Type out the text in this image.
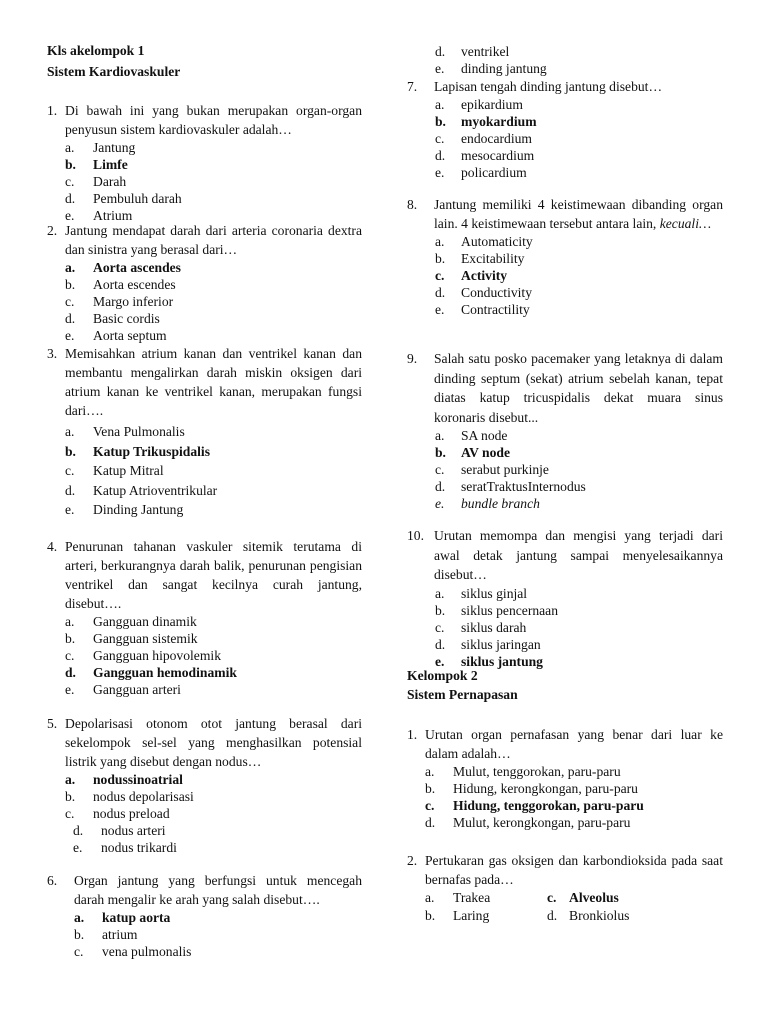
Kls akelompok 1
Sistem Kardiovaskuler
1. Di bawah ini yang bukan merupakan organ-organ penyusun sistem kardiovaskuler adalah…
a. Jantung
b. Limfe
c. Darah
d. Pembuluh darah
e. Atrium
2. Jantung mendapat darah dari arteria coronaria dextra dan sinistra yang berasal dari…
a. Aorta ascendes
b. Aorta escendes
c. Margo inferior
d. Basic cordis
e. Aorta septum
3. Memisahkan atrium kanan dan ventrikel kanan dan membantu mengalirkan darah miskin oksigen dari atrium kanan ke ventrikel kanan, merupakan fungsi dari….
a. Vena Pulmonalis
b. Katup Trikuspidalis
c. Katup Mitral
d. Katup Atrioventrikular
e. Dinding Jantung
4. Penurunan tahanan vaskuler sitemik terutama di arteri, berkurangnya darah balik, penurunan pengisian ventrikel dan sangat kecilnya curah jantung, disebut….
a. Gangguan dinamik
b. Gangguan sistemik
c. Gangguan hipovolemik
d. Gangguan hemodinamik
e. Gangguan arteri
5. Depolarisasi otonom otot jantung berasal dari sekelompok sel-sel yang menghasilkan potensial listrik yang disebut dengan nodus…
a. nodussinoatrial
b. nodus depolarisasi
c. nodus preload
d. nodus arteri
e. nodus trikardi
6. Organ jantung yang berfungsi untuk mencegah darah mengalir ke arah yang salah disebut….
a. katup aorta
b. atrium
c. vena pulmonalis
d. ventrikel
e. dinding jantung
7. Lapisan tengah dinding jantung disebut…
a. epikardium
b. myokardium
c. endocardium
d. mesocardium
e. policardium
8. Jantung memiliki 4 keistimewaan dibanding organ lain. 4 keistimewaan tersebut antara lain, kecuali…
a. Automaticity
b. Excitability
c. Activity
d. Conductivity
e. Contractility
9. Salah satu posko pacemaker yang letaknya di dalam dinding septum (sekat) atrium sebelah kanan, tepat diatas katup tricuspidalis dekat muara sinus koronaris disebut...
a. SA node
b. AV node
c. serabut purkinje
d. seratTraktusInternodus
e. bundle branch
10. Urutan memompa dan mengisi yang terjadi dari awal detak jantung sampai menyelesaikannya disebut…
a. siklus ginjal
b. siklus pencernaan
c. siklus darah
d. siklus jaringan
e. siklus jantung
Kelompok 2
Sistem Pernapasan
1. Urutan organ pernafasan yang benar dari luar ke dalam adalah…
a. Mulut, tenggorokan, paru-paru
b. Hidung, kerongkongan, paru-paru
c. Hidung, tenggorokan, paru-paru
d. Mulut, kerongkongan, paru-paru
2. Pertukaran gas oksigen dan karbondioksida pada saat bernafas pada…
a. Trakea	c. Alveolus
b. Laring	d. Bronkiolus
